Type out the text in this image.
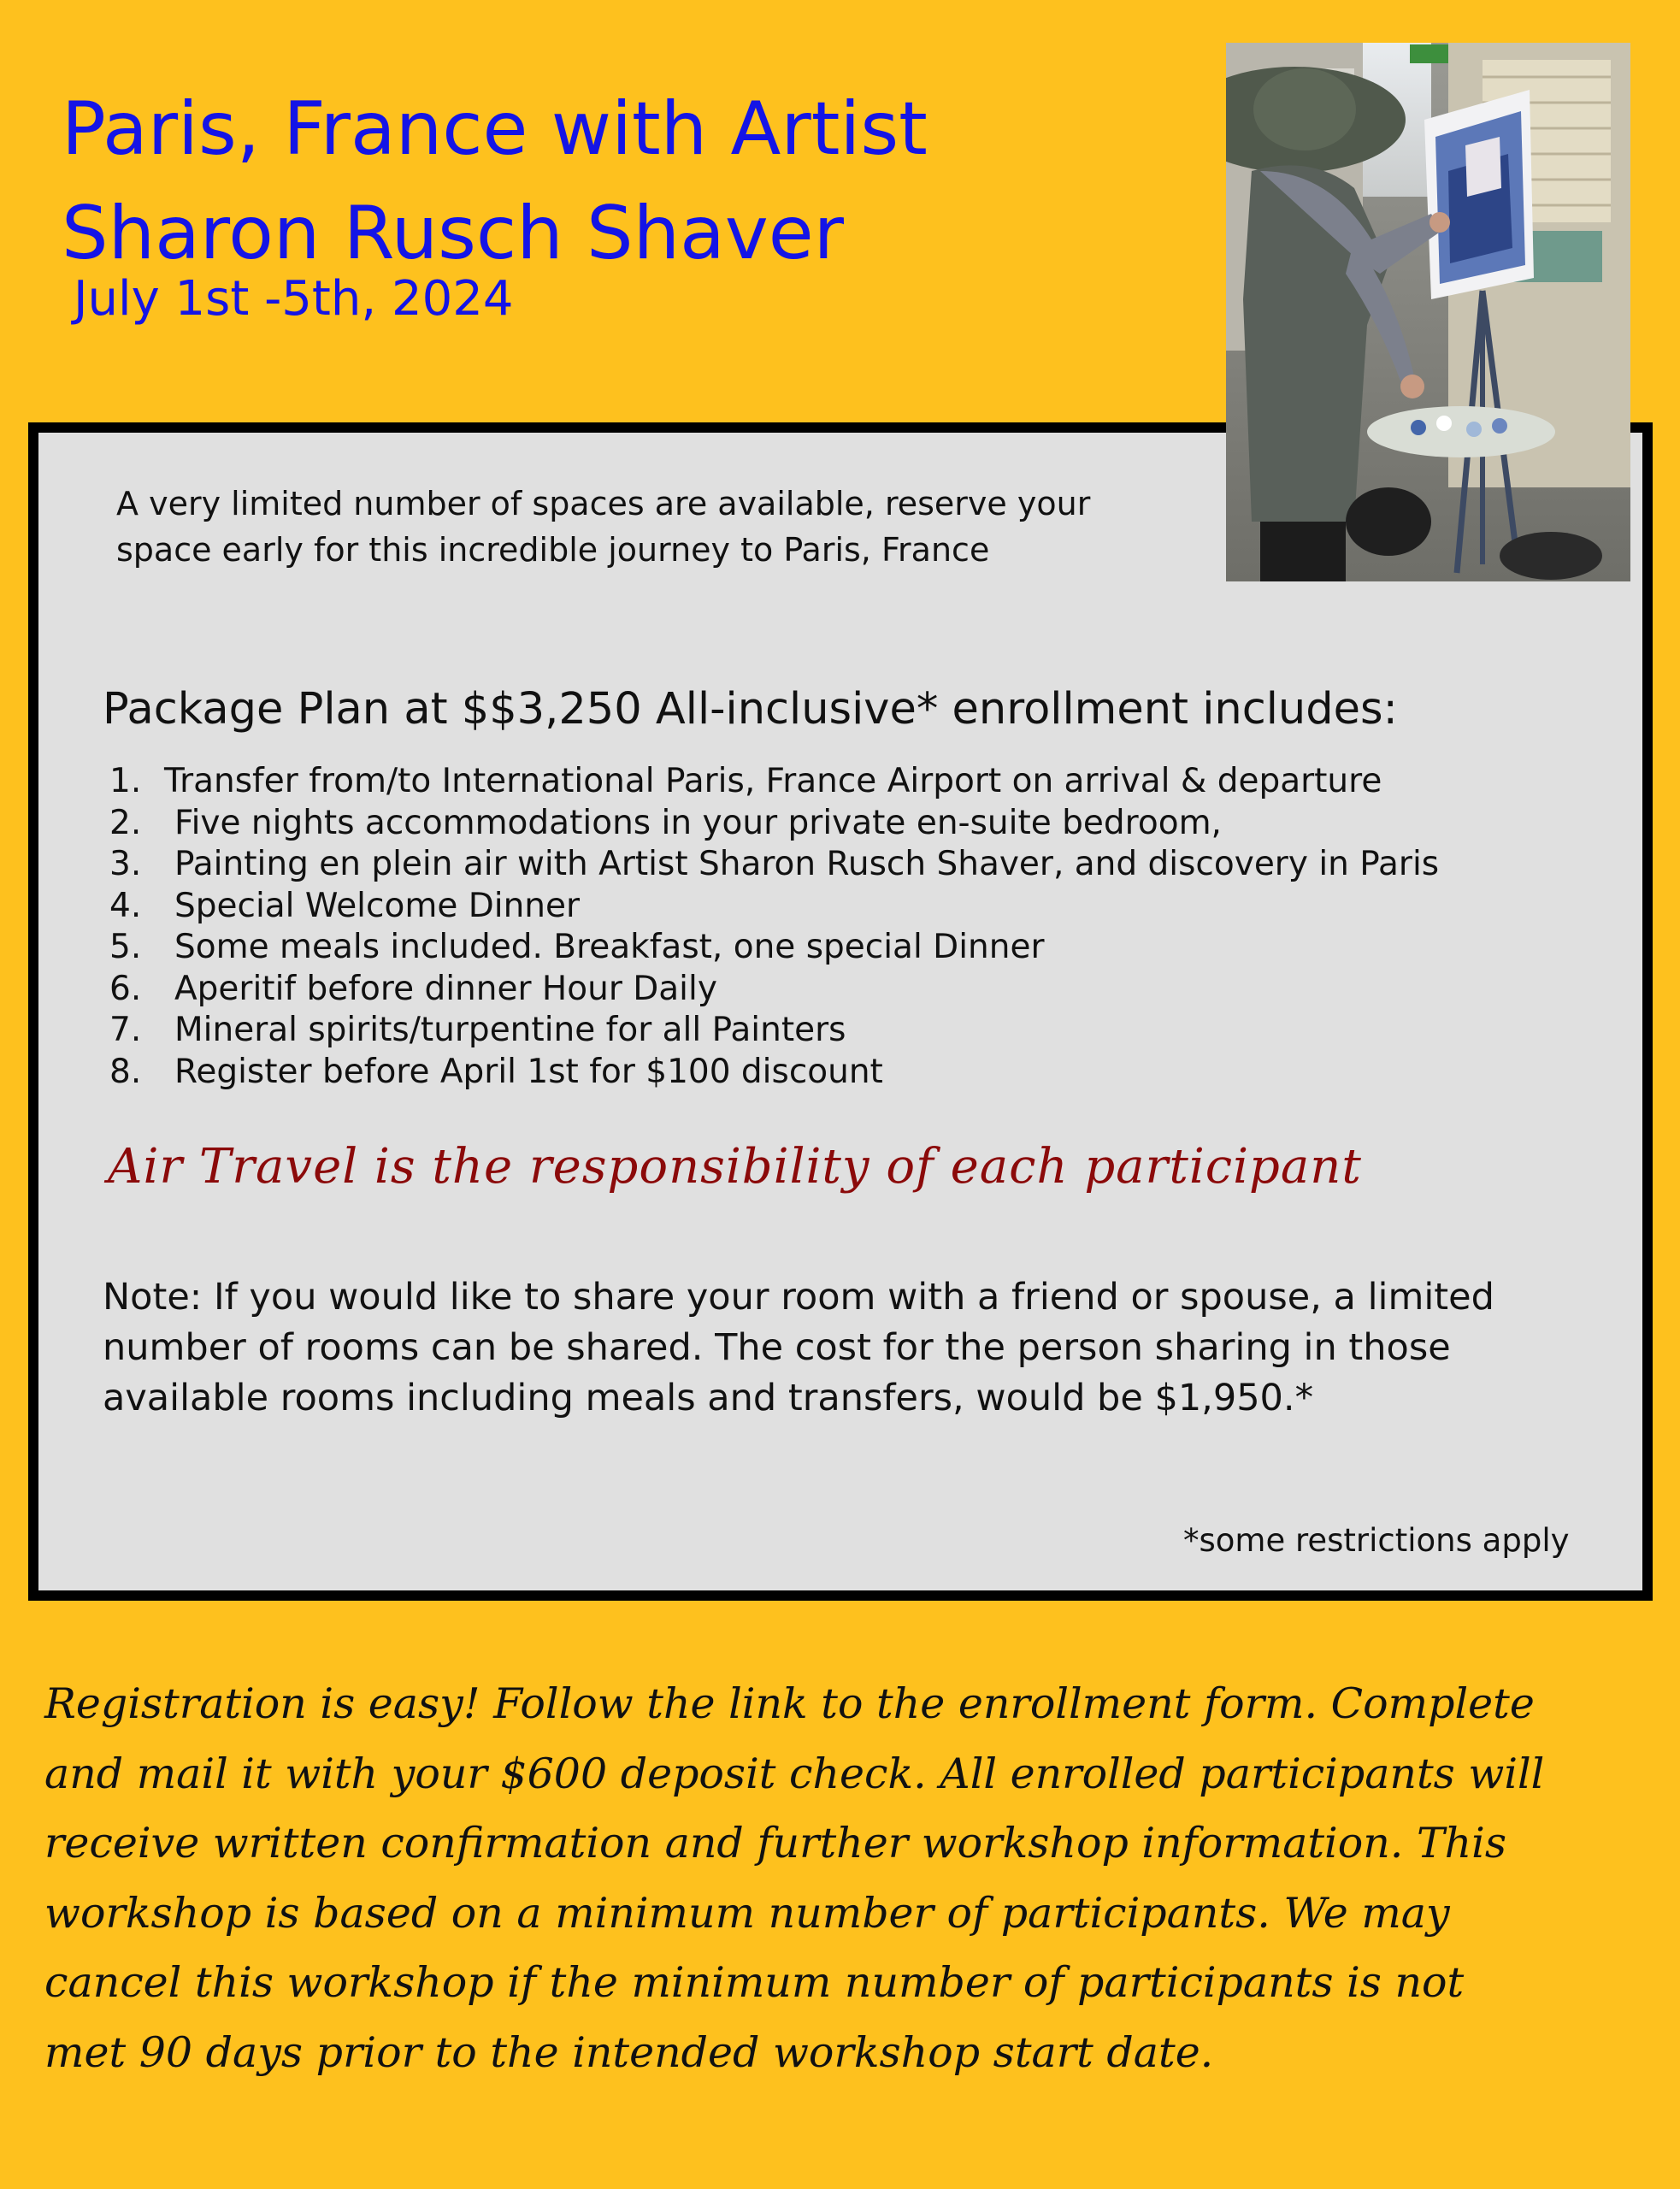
Paris, France with Artist
Sharon Rusch Shaver
July 1st -5th, 2024
A very limited number of spaces are available, reserve your
space early for this incredible journey to Paris, France
Package Plan at $$3,250 All-inclusive* enrollment includes:
1. Transfer from/to International Paris, France Airport on arrival & departure
2. Five nights accommodations in your private en-suite bedroom,
3. Painting en plein air with Artist Sharon Rusch Shaver, and discovery in Paris
4. Special Welcome Dinner
5. Some meals included. Breakfast, one special Dinner
6. Aperitif before dinner Hour Daily
7. Mineral spirits/turpentine for all Painters
8. Register before April 1st for $100 discount
Air Travel is the responsibility of each participant
Note: If you would like to share your room with a friend or spouse, a limited
number of rooms can be shared. The cost for the person sharing in those
available rooms including meals and transfers, would be $1,950.*
*some restrictions apply
Registration is easy! Follow the link to the enrollment form. Complete
and mail it with your $600 deposit check. All enrolled participants will
receive written confirmation and further workshop information. This
workshop is based on a minimum number of participants. We may
cancel this workshop if the minimum number of participants is not
met 90 days prior to the intended workshop start date.
